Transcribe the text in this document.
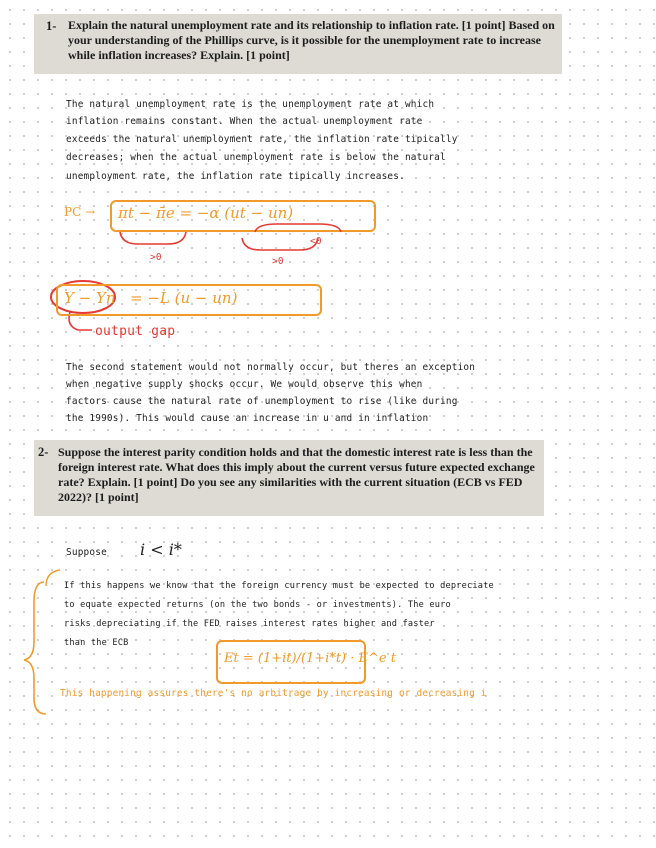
1- Explain the natural unemployment rate and its relationship to inflation rate. [1 point] Based on your understanding of the Phillips curve, is it possible for the unemployment rate to increase while inflation increases? Explain. [1 point]
The natural unemployment rate is the unemployment rate at which
inflation remains constant. When the actual unemployment rate
exceeds the natural unemployment rate, the inflation rate tipically
decreases; when the actual unemployment rate is below the natural
unemployment rate, the inflation rate tipically increases.
PC → πt − π̄e = −α (ut − un)
>0	>0
<0
Y − Yn = −L (u − un)
output gap
The second statement would not normally occur, but theres an exception
when negative supply shocks occur. We would observe this when
factors cause the natural rate of unemployment to rise (like during
the 1990s). This would cause an increase in u and in inflation
2- Suppose the interest parity condition holds and that the domestic interest rate is less than the foreign interest rate. What does this imply about the current versus future expected exchange rate? Explain. [1 point] Do you see any similarities with the current situation (ECB vs FED 2022)? [1 point]
Suppose i < i*
If this happens we know that the foreign currency must be expected to depreciate
to equate expected returns (on the two bonds - or investments). The euro
risks depreciating if the FED raises interest rates higher and faster
than the ECB
Et = (1+it)/(1+i*t) · E^e t
This happening assures there's no arbitrage by increasing or decreasing i
